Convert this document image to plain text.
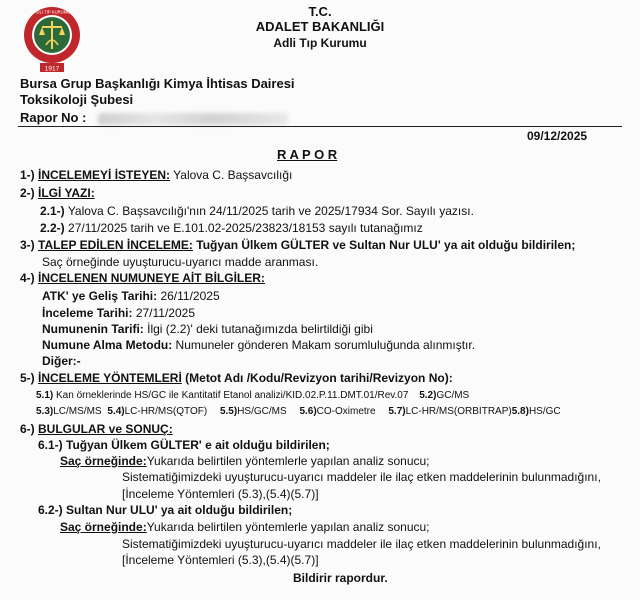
1917
ADLİ TIP KURUMU	T.C.
ADALET BAKANLIĞI
Adli Tıp Kurumu
Bursa Grup Başkanlığı Kimya İhtisas Dairesi
Toksikoloji Şubesi
Rapor No :
09/12/2025
R A P O R
1-) İNCELEMEYİ İSTEYEN: Yalova C. Başsavcılığı
2-) İLGİ YAZI:
2.1-) Yalova C. Başsavcılığı'nın 24/11/2025 tarih ve 2025/17934 Sor. Sayılı yazısı.
2.2-) 27/11/2025 tarih ve E.101.02-2025/23823/18153 sayılı tutanağımız
3-) TALEP EDİLEN İNCELEME: Tuğyan Ülkem GÜLTER ve Sultan Nur ULU' ya ait olduğu bildirilen;
Saç örneğinde uyuşturucu-uyarıcı madde aranması.
4-) İNCELENEN NUMUNEYE AİT BİLGİLER:
ATK' ye Geliş Tarihi: 26/11/2025
İnceleme Tarihi: 27/11/2025
Numunenin Tarifi: İlgi (2.2)' deki tutanağımızda belirtildiği gibi
Numune Alma Metodu: Numuneler gönderen Makam sorumluluğunda alınmıştır.
Diğer:-
5-) İNCELEME YÖNTEMLERİ (Metot Adı /Kodu/Revizyon tarihi/Revizyon No):
5.1) Kan örneklerinde HS/GC ile Kantitatif Etanol analizi/KID.02.P.11.DMT.01/Rev.07 5.2)GC/MS
5.3)LC/MS/MS 5.4)LC-HR/MS(QTOF) 5.5)HS/GC/MS 5.6)CO-Oximetre 5.7)LC-HR/MS(ORBITRAP)5.8)HS/GC
6-) BULGULAR ve SONUÇ:
6.1-) Tuğyan Ülkem GÜLTER' e ait olduğu bildirilen;
Saç örneğinde:Yukarıda belirtilen yöntemlerle yapılan analiz sonucu;
Sistematiğimizdeki uyuşturucu-uyarıcı maddeler ile ilaç etken maddelerinin bulunmadığını,
[İnceleme Yöntemleri (5.3),(5.4)(5.7)]
6.2-) Sultan Nur ULU' ya ait olduğu bildirilen;
Saç örneğinde:Yukarıda belirtilen yöntemlerle yapılan analiz sonucu;
Sistematiğimizdeki uyuşturucu-uyarıcı maddeler ile ilaç etken maddelerinin bulunmadığını,
[İnceleme Yöntemleri (5.3),(5.4)(5.7)]
Bildirir rapordur.
